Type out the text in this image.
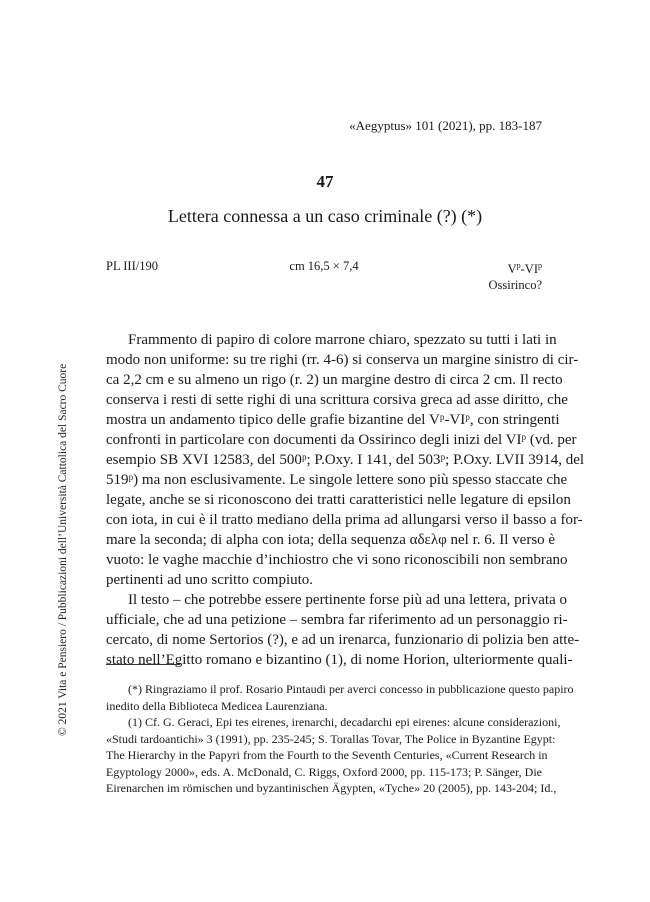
«Aegyptus» 101 (2021), pp. 183-187
47
Lettera connessa a un caso criminale (?) (*)
PL III/190	cm 16,5 × 7,4	$V^p-VI^p$
Ossirinco?
Frammento di papiro di colore marrone chiaro, spezzato su tutti i lati in
modo non uniforme: su tre righi (rr. 4-6) si conserva un margine sinistro di cir-
ca 2,2 cm e su almeno un rigo (r. 2) un margine destro di circa 2 cm. Il recto
conserva i resti di sette righi di una scrittura corsiva greca ad asse diritto, che
mostra un andamento tipico delle grafie bizantine del Vᵖ-VIᵖ, con stringenti
confronti in particolare con documenti da Ossirinco degli inizi del VIᵖ (vd. per
esempio SB XVI 12583, del 500ᵖ; P.Oxy. I 141, del 503ᵖ; P.Oxy. LVII 3914, del
519ᵖ) ma non esclusivamente. Le singole lettere sono più spesso staccate che
legate, anche se si riconoscono dei tratti caratteristici nelle legature di epsilon
con iota, in cui è il tratto mediano della prima ad allungarsi verso il basso a for-
mare la seconda; di alpha con iota; della sequenza αδελφ nel r. 6. Il verso è
vuoto: le vaghe macchie d’inchiostro che vi sono riconoscibili non sembrano
pertinenti ad uno scritto compiuto.
Il testo – che potrebbe essere pertinente forse più ad una lettera, privata o
ufficiale, che ad una petizione – sembra far riferimento ad un personaggio ri-
cercato, di nome Sertorios (?), e ad un irenarca, funzionario di polizia ben atte-
stato nell’Egitto romano e bizantino (1), di nome Horion, ulteriormente quali-
(*) Ringraziamo il prof. Rosario Pintaudi per averci concesso in pubblicazione questo papiro
inedito della Biblioteca Medicea Laurenziana.
(1) Cf. G. Geraci, Epi tes eirenes, irenarchi, decadarchi epi eirenes: alcune considerazioni,
«Studi tardoantichi» 3 (1991), pp. 235-245; S. Torallas Tovar, The Police in Byzantine Egypt:
The Hierarchy in the Papyri from the Fourth to the Seventh Centuries, «Current Research in
Egyptology 2000», eds. A. McDonald, C. Riggs, Oxford 2000, pp. 115-173; P. Sänger, Die
Eirenarchen im römischen und byzantinischen Ägypten, «Tyche» 20 (2005), pp. 143-204; Id.,
© 2021 Vita e Pensiero / Pubblicazioni dell’Università Cattolica del Sacro Cuore
